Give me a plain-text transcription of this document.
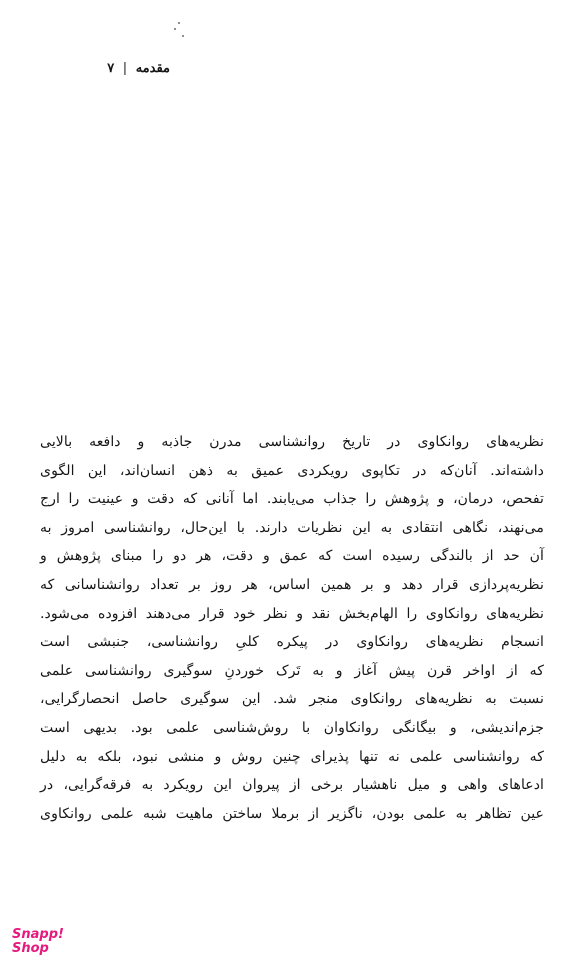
مقدمه | ۷
نظریه‌های روانکاوی در تاریخ روانشناسی مدرن جاذبه و دافعه بالایی
داشته‌اند. آنان‌که در تکاپوی رویکردی عمیق به ذهن انسان‌اند، این الگوی
تفحص، درمان، و پژوهش را جذاب می‌یابند. اما آنانی که دقت و عینیت را ارج
می‌نهند، نگاهی انتقادی به این نظریات دارند. با این‌حال، روانشناسی امروز به
آن حد از بالندگی رسیده است که عمق و دقت، هر دو را مبنای پژوهش و
نظریه‌پردازی قرار دهد و بر همین اساس، هر روز بر تعداد روانشناسانی که
نظریه‌های روانکاوی را الهام‌بخش نقد و نظر خود قرار می‌دهند افزوده می‌شود.
انسجام نظریه‌های روانکاوی در پیکره کلیِ روانشناسی، جنبشی است
که از اواخر قرن پیش آغاز و به تَرک خوردنِ سوگیری روانشناسی علمی
نسبت به نظریه‌های روانکاوی منجر شد. این سوگیری حاصل انحصارگرایی،
جزم‌اندیشی، و بیگانگی روانکاوان با روش‌شناسی علمی بود. بدیهی است
که روانشناسی علمی نه تنها پذیرای چنین روش و منشی نبود، بلکه به دلیل
ادعاهای واهی و میل ناهشیار برخی از پیروان این رویکرد به فرقه‌گرایی، در
عین تظاهر به علمی بودن، ناگزیر از برملا ساختن ماهیت شبه علمی روانکاوی
Snapp!
Shop
